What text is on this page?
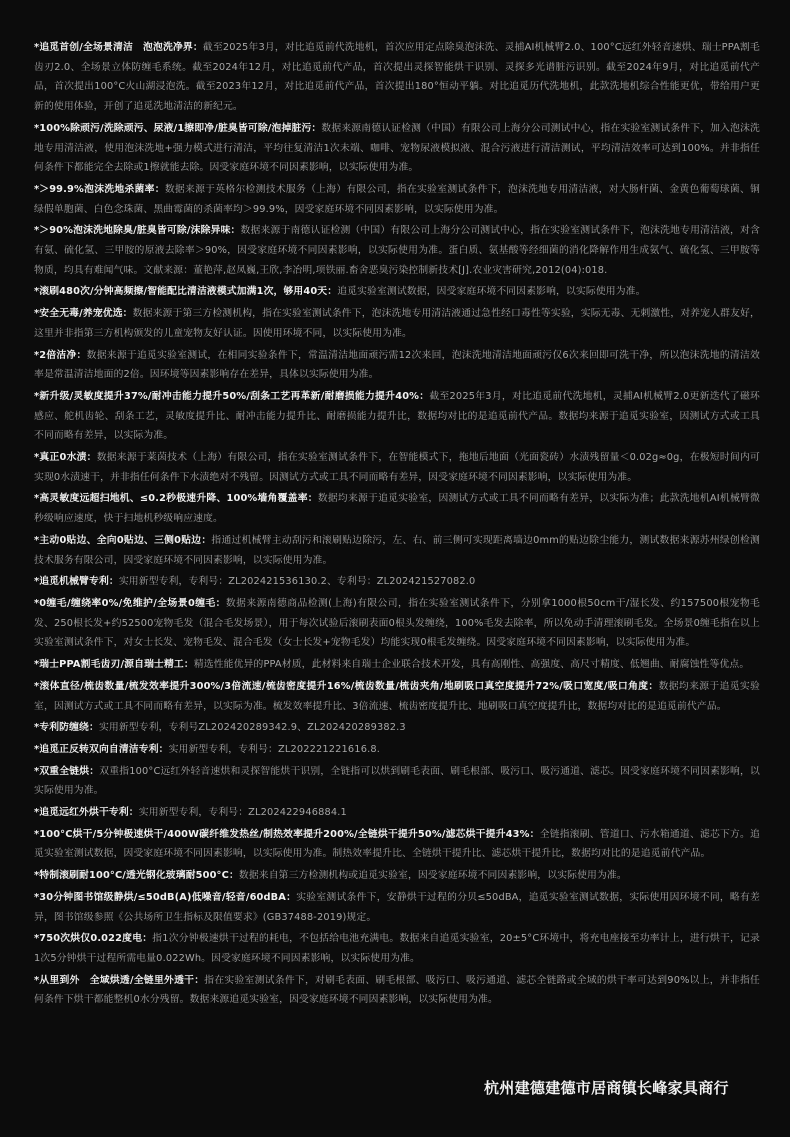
*追觅首创/全场景清洁　泡泡洗净界：截至2025年3月，对比追觅前代洗地机，首次应用定点除臭泡沫洗、灵捕AI机械臂2.0、100°C远红外轻音速烘、瑞士PPA割毛齿刃2.0、全场景立体防缠毛系统。截至2024年12月，对比追觅前代产品，首次提出灵探智能烘干识别、灵探多光谱脏污识别。截至2024年9月，对比追觅前代产品，首次提出100°C火山湖浸泡洗。截至2023年12月，对比追觅前代产品，首次提出180°恒动平躺。对比追觅历代洗地机，此款洗地机综合性能更优，带给用户更新的使用体验，开创了追觅洗地清洁的新纪元。

*100%除顽污/洗除顽污、尿液/1擦即净/脏臭皆可除/泡掉脏污：数据来源南德认证检测（中国）有限公司上海分公司测试中心，指在实验室测试条件下，加入泡沫洗地专用清洁液，使用泡沫洗地+强力模式进行清洁，平均往复清洁1次未端、咖啡、宠物尿液模拟液、混合污液进行清洁测试，平均清洁效率可达到100%。并非指任何条件下都能完全去除或1擦就能去除。因受家庭环境不同因素影响，以实际使用为准。

*＞99.9%泡沫洗地杀菌率：数据来源于英格尔检测技术服务（上海）有限公司，指在实验室测试条件下，泡沫洗地专用清洁液，对大肠杆菌、金黄色葡萄球菌、铜绿假单胞菌、白色念珠菌、黑曲霉菌的杀菌率均＞99.9%，因受家庭环境不同因素影响，以实际使用为准。

*＞90%泡沫洗地除臭/脏臭皆可除/沫除异味：数据来源于南德认证检测（中国）有限公司上海分公司测试中心，指在实验室测试条件下，泡沫洗地专用清洁液，对含有氨、硫化氢、三甲胺的原液去除率＞90%，因受家庭环境不同因素影响，以实际使用为准。蛋白质、氨基酸等经细菌的消化降解作用生成氨气、硫化氢、三甲胺等物质，均具有难闻气味。文献来源：董艳萍,赵凤巍,王欣,李冶明,项铁丽.畜舍恶臭污染控制新技术[J].农业灾害研究,2012(04):018.

*滚刷480次/分钟高频擦/智能配比清洁液模式加满1次，够用40天：追觅实验室测试数据，因受家庭环境不同因素影响，以实际使用为准。

*安全无毒/养宠优选：数据来源于第三方检测机构，指在实验室测试条件下，泡沫洗地专用清洁液通过急性经口毒性等实验，实际无毒、无刺激性，对养宠人群友好，这里并非指第三方机构颁发的儿童宠物友好认证。因使用环境不同，以实际使用为准。

*2倍洁净：数据来源于追觅实验室测试，在相同实验条件下，常温清洁地面顽污需12次来回，泡沫洗地清洁地面顽污仅6次来回即可洗干净，所以泡沫洗地的清洁效率是常温清洁地面的2倍。因环境等因素影响存在差异，具体以实际使用为准。

*新升级/灵敏度提升37%/耐冲击能力提升50%/刮条工艺再革新/耐磨损能力提升40%：截至2025年3月，对比追觅前代洗地机，灵捕AI机械臂2.0更新迭代了磁环感应、舵机齿轮、刮条工艺，灵敏度提升比、耐冲击能力提升比、耐磨损能力提升比，数据均对比的是追觅前代产品。数据均来源于追觅实验室，因测试方式或工具不同而略有差异，以实际为准。

*真正0水渍：数据来源于莱茵技术（上海）有限公司，指在实验室测试条件下，在智能模式下，拖地后地面（光面瓷砖）水渍残留量＜0.02g≈0g，在极短时间内可实现0水渍速干，并非指任何条件下水渍绝对不残留。因测试方式或工具不同而略有差异，因受家庭环境不同因素影响，以实际使用为准。

*高灵敏度远超扫地机、≤0.2秒极速升降、100%墙角覆盖率：数据均来源于追觅实验室，因测试方式或工具不同而略有差异，以实际为准；此款洗地机AI机械臂微秒级响应速度，快于扫地机秒级响应速度。

*主动0贴边、全向0贴边、三侧0贴边：指通过机械臂主动刮污和滚刷贴边除污，左、右、前三侧可实现距离墙边0mm的贴边除尘能力，测试数据来源苏州绿创检测技术服务有限公司，因受家庭环境不同因素影响，以实际使用为准。

*追觅机械臂专利：实用新型专利，专利号：ZL202421536130.2、专利号：ZL202421527082.0

*0缠毛/缠绕率0%/免维护/全场景0缠毛：数据来源南德商品检测(上海)有限公司，指在实验室测试条件下，分别拿1000根50cm干/湿长发、约157500根宠物毛发、250根长发+约52500宠物毛发（混合毛发场景），用于每次试验后滚刷表面0根头发缠绕，100%毛发去除率，所以免动手清理滚刷毛发。全场景0缠毛指在以上实验室测试条件下，对女士长发、宠物毛发、混合毛发（女士长发+宠物毛发）均能实现0根毛发缠绕。因受家庭环境不同因素影响，以实际使用为准。

*瑞士PPA割毛齿刃/源自瑞士精工：精选性能优异的PPA材质，此材料来自瑞士企业联合技术开发，具有高刚性、高强度、高尺寸精度、低翘曲、耐腐蚀性等优点。

*滚体直径/梳齿数量/梳发效率提升300%/3倍流速/梳齿密度提升16%/梳齿数量/梳齿夹角/地刷吸口真空度提升72%/吸口宽度/吸口角度：数据均来源于追觅实验室，因测试方式或工具不同而略有差异，以实际为准。梳发效率提升比、3倍流速、梳齿密度提升比、地刷吸口真空度提升比，数据均对比的是追觅前代产品。

*专利防缠绕：实用新型专利，专利号ZL202420289342.9、ZL202420289382.3

*追觅正反转双向自清洁专利：实用新型专利，专利号：ZL202221221616.8.

*双重全链烘：双重指100°C远红外轻音速烘和灵探智能烘干识别，全链指可以烘到刷毛表面、刷毛根部、吸污口、吸污通道、滤芯。因受家庭环境不同因素影响，以实际使用为准。

*追觅远红外烘干专利：实用新型专利，专利号：ZL202422946884.1

*100°C烘干/5分钟极速烘干/400W碳纤维发热丝/制热效率提升200%/全链烘干提升50%/滤芯烘干提升43%：全链指滚刷、管道口、污水箱通道、滤芯下方。追觅实验室测试数据，因受家庭环境不同因素影响，以实际使用为准。制热效率提升比、全链烘干提升比、滤芯烘干提升比，数据均对比的是追觅前代产品。

*特制滚刷耐100°C/透光钢化玻璃耐500°C：数据来自第三方检测机构或追觅实验室，因受家庭环境不同因素影响，以实际使用为准。

*30分钟图书馆级静烘/≤50dB(A)低噪音/轻音/60dBA：实验室测试条件下，安静烘干过程的分贝≤50dBA，追觅实验室测试数据，实际使用因环境不同，略有差异，图书馆级参照《公共场所卫生指标及限值要求》(GB37488-2019)规定。

*750次烘仅0.022度电：指1次分钟极速烘干过程的耗电，不包括给电池充满电。数据来自追觅实验室，20±5°C环境中，将充电座接至功率计上，进行烘干，记录1次5分钟烘干过程所需电量0.022Wh。因受家庭环境不同因素影响，以实际使用为准。

*从里到外　全域烘透/全链里外透干：指在实验室测试条件下，对刷毛表面、刷毛根部、吸污口、吸污通道、滤芯全链路或全域的烘干率可达到90%以上，并非指任何条件下烘干都能整机0水分残留。数据来源追觅实验室，因受家庭环境不同因素影响，以实际使用为准。

杭州建德建德市居商镇长峰家具商行
